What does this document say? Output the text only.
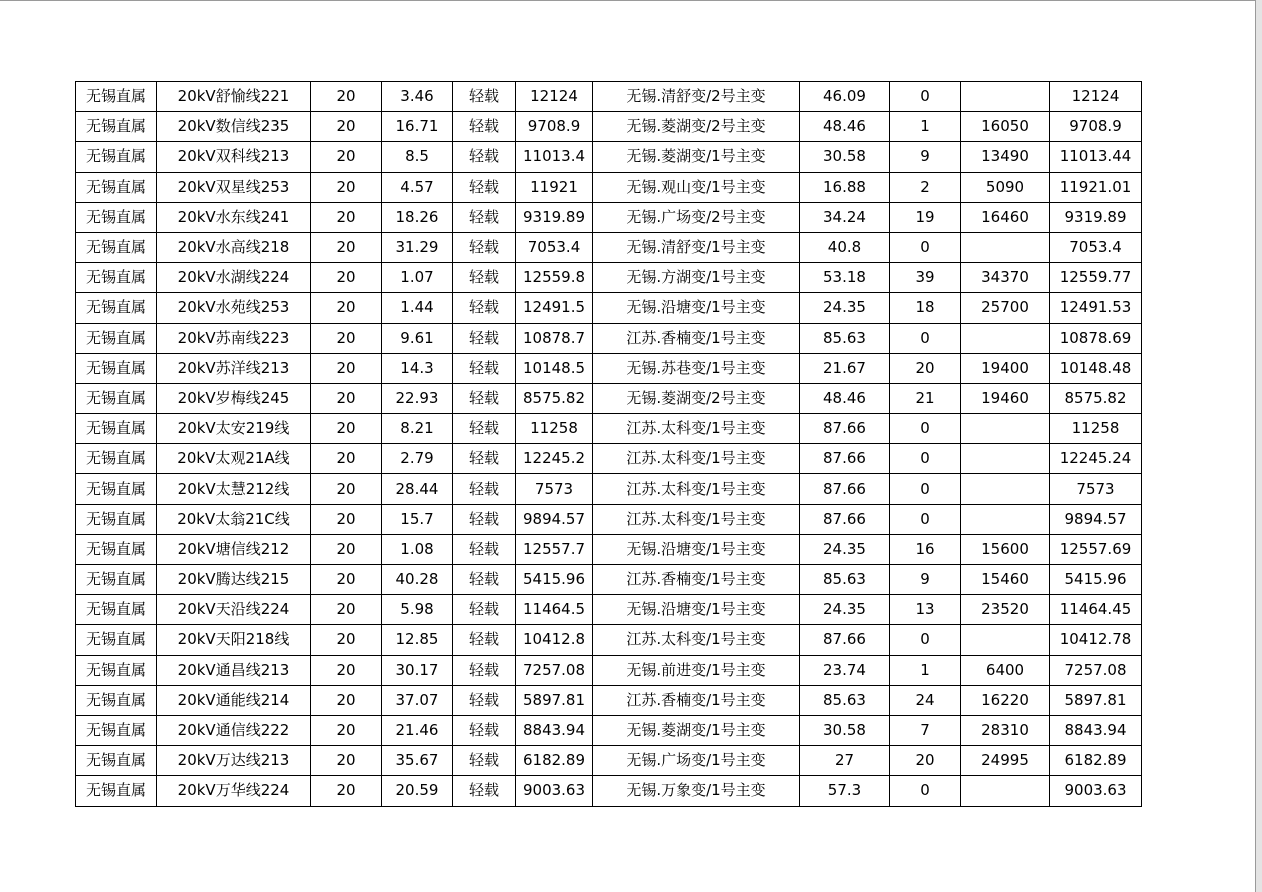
无锡直属	20kV舒愉线221	20	3.46	轻载	12124	无锡.清舒变/2号主变	46.09	0		12124
无锡直属	20kV数信线235	20	16.71	轻载	9708.9	无锡.菱湖变/2号主变	48.46	1	16050	9708.9
无锡直属	20kV双科线213	20	8.5	轻载	11013.4	无锡.菱湖变/1号主变	30.58	9	13490	11013.44
无锡直属	20kV双星线253	20	4.57	轻载	11921	无锡.观山变/1号主变	16.88	2	5090	11921.01
无锡直属	20kV水东线241	20	18.26	轻载	9319.89	无锡.广场变/2号主变	34.24	19	16460	9319.89
无锡直属	20kV水高线218	20	31.29	轻载	7053.4	无锡.清舒变/1号主变	40.8	0		7053.4
无锡直属	20kV水湖线224	20	1.07	轻载	12559.8	无锡.方湖变/1号主变	53.18	39	34370	12559.77
无锡直属	20kV水苑线253	20	1.44	轻载	12491.5	无锡.沿塘变/1号主变	24.35	18	25700	12491.53
无锡直属	20kV苏南线223	20	9.61	轻载	10878.7	江苏.香楠变/1号主变	85.63	0		10878.69
无锡直属	20kV苏洋线213	20	14.3	轻载	10148.5	无锡.苏巷变/1号主变	21.67	20	19400	10148.48
无锡直属	20kV岁梅线245	20	22.93	轻载	8575.82	无锡.菱湖变/2号主变	48.46	21	19460	8575.82
无锡直属	20kV太安219线	20	8.21	轻载	11258	江苏.太科变/1号主变	87.66	0		11258
无锡直属	20kV太观21A线	20	2.79	轻载	12245.2	江苏.太科变/1号主变	87.66	0		12245.24
无锡直属	20kV太慧212线	20	28.44	轻载	7573	江苏.太科变/1号主变	87.66	0		7573
无锡直属	20kV太翁21C线	20	15.7	轻载	9894.57	江苏.太科变/1号主变	87.66	0		9894.57
无锡直属	20kV塘信线212	20	1.08	轻载	12557.7	无锡.沿塘变/1号主变	24.35	16	15600	12557.69
无锡直属	20kV腾达线215	20	40.28	轻载	5415.96	江苏.香楠变/1号主变	85.63	9	15460	5415.96
无锡直属	20kV天沿线224	20	5.98	轻载	11464.5	无锡.沿塘变/1号主变	24.35	13	23520	11464.45
无锡直属	20kV天阳218线	20	12.85	轻载	10412.8	江苏.太科变/1号主变	87.66	0		10412.78
无锡直属	20kV通昌线213	20	30.17	轻载	7257.08	无锡.前进变/1号主变	23.74	1	6400	7257.08
无锡直属	20kV通能线214	20	37.07	轻载	5897.81	江苏.香楠变/1号主变	85.63	24	16220	5897.81
无锡直属	20kV通信线222	20	21.46	轻载	8843.94	无锡.菱湖变/1号主变	30.58	7	28310	8843.94
无锡直属	20kV万达线213	20	35.67	轻载	6182.89	无锡.广场变/1号主变	27	20	24995	6182.89
无锡直属	20kV万华线224	20	20.59	轻载	9003.63	无锡.万象变/1号主变	57.3	0		9003.63
